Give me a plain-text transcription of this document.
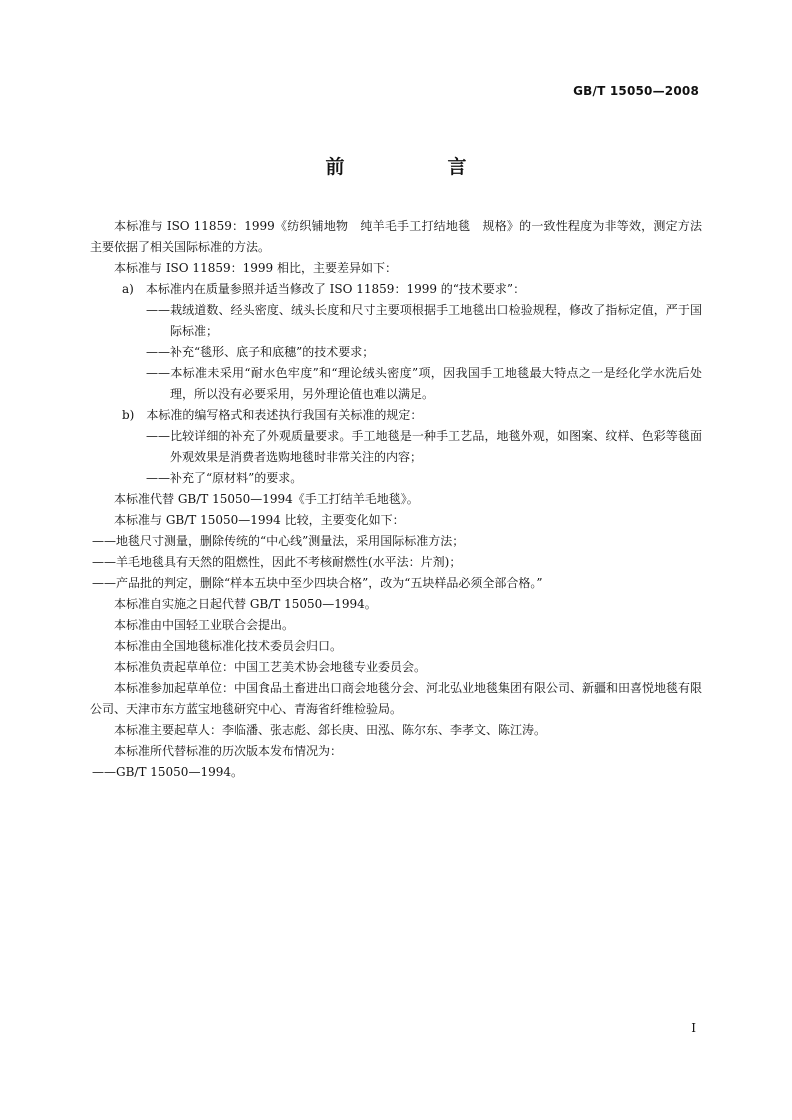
GB/T 15050—2008
前　言

本标准与 ISO 11859：1999《纺织铺地物　纯羊毛手工打结地毯　规格》的一致性程度为非等效，测定方法主要依据了相关国际标准的方法。

本标准与 ISO 11859：1999 相比，主要差异如下：

a)　本标准内在质量参照并适当修改了 ISO 11859：1999 的“技术要求”：

——栽绒道数、经头密度、绒头长度和尺寸主要项根据手工地毯出口检验规程，修改了指标定值，严于国际标准；

——补充“毯形、底子和底穗”的技术要求；

——本标准未采用“耐水色牢度”和“理论绒头密度”项，因我国手工地毯最大特点之一是经化学水洗后处理，所以没有必要采用，另外理论值也难以满足。

b)　本标准的编写格式和表述执行我国有关标准的规定：

——比较详细的补充了外观质量要求。手工地毯是一种手工艺品，地毯外观，如图案、纹样、色彩等毯面外观效果是消费者选购地毯时非常关注的内容；

——补充了“原材料”的要求。

本标准代替 GB/T 15050—1994《手工打结羊毛地毯》。

本标准与 GB/T 15050—1994 比较，主要变化如下：

——地毯尺寸测量，删除传统的“中心线”测量法，采用国际标准方法；

——羊毛地毯具有天然的阻燃性，因此不考核耐燃性(水平法：片剂)；

——产品批的判定，删除“样本五块中至少四块合格”，改为“五块样品必须全部合格。”

本标准自实施之日起代替 GB/T 15050—1994。

本标准由中国轻工业联合会提出。

本标准由全国地毯标准化技术委员会归口。

本标准负责起草单位：中国工艺美术协会地毯专业委员会。

本标准参加起草单位：中国食品土畜进出口商会地毯分会、河北弘业地毯集团有限公司、新疆和田喜悦地毯有限公司、天津市东方蓝宝地毯研究中心、青海省纤维检验局。

本标准主要起草人：李临潘、张志彪、郐长庚、田泓、陈尔东、李孝文、陈江涛。

本标准所代替标准的历次版本发布情况为：

——GB/T 15050—1994。

I
